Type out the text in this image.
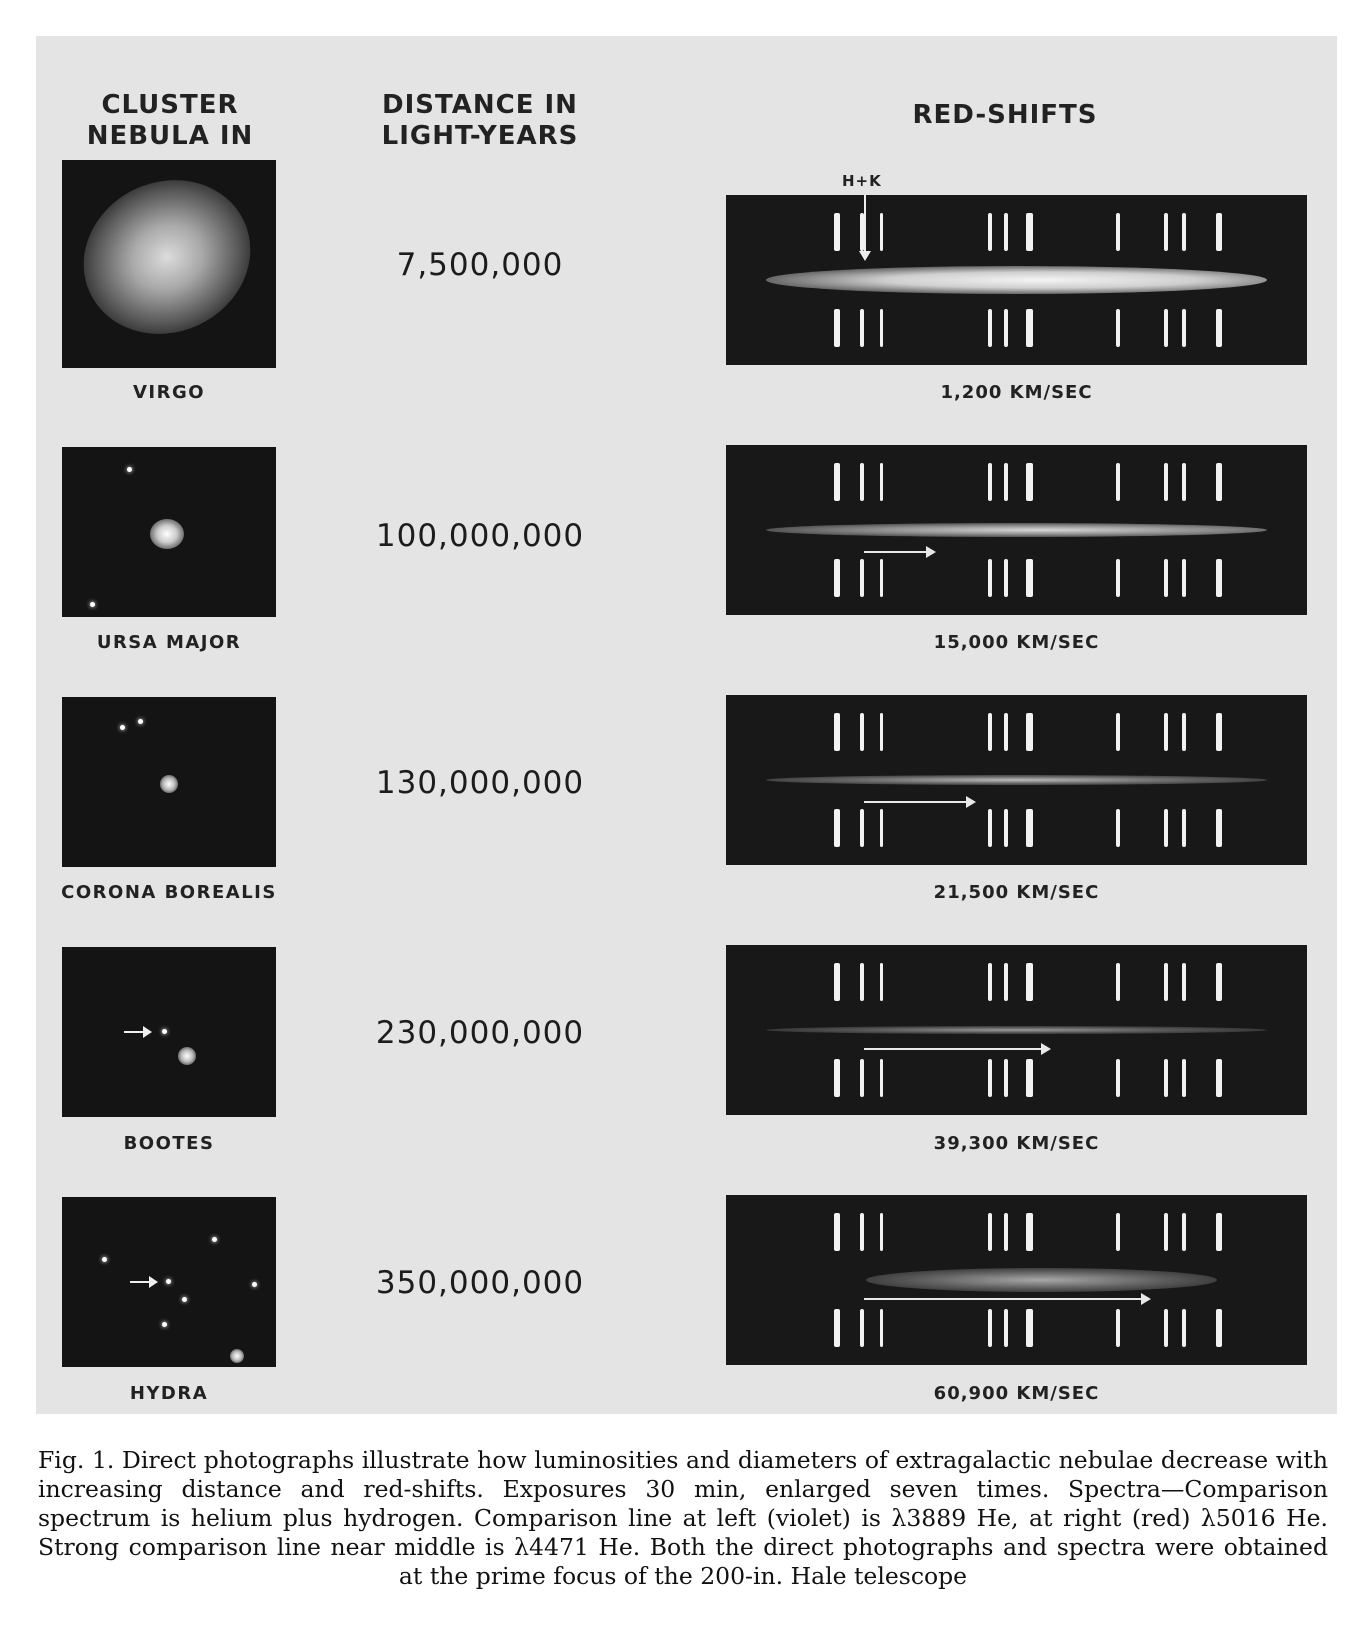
CLUSTER
NEBULA IN
DISTANCE IN
LIGHT-YEARS
RED-SHIFTS
H+K
VIRGO
7,500,000
1,200 KM/SEC
URSA MAJOR
100,000,000
15,000 KM/SEC
CORONA BOREALIS
130,000,000
21,500 KM/SEC
BOOTES
230,000,000
39,300 KM/SEC
HYDRA
350,000,000
60,900 KM/SEC
Fig. 1. Direct photographs illustrate how luminosities and diameters of extragalactic nebulae decrease with increasing distance and red-shifts. Exposures 30 min, enlarged seven times. Spectra—Comparison spectrum is helium plus hydrogen. Comparison line at left (violet) is λ3889 He, at right (red) λ5016 He. Strong comparison line near middle is λ4471 He. Both the direct photographs and spectra were obtained at the prime focus of the 200-in. Hale telescope
